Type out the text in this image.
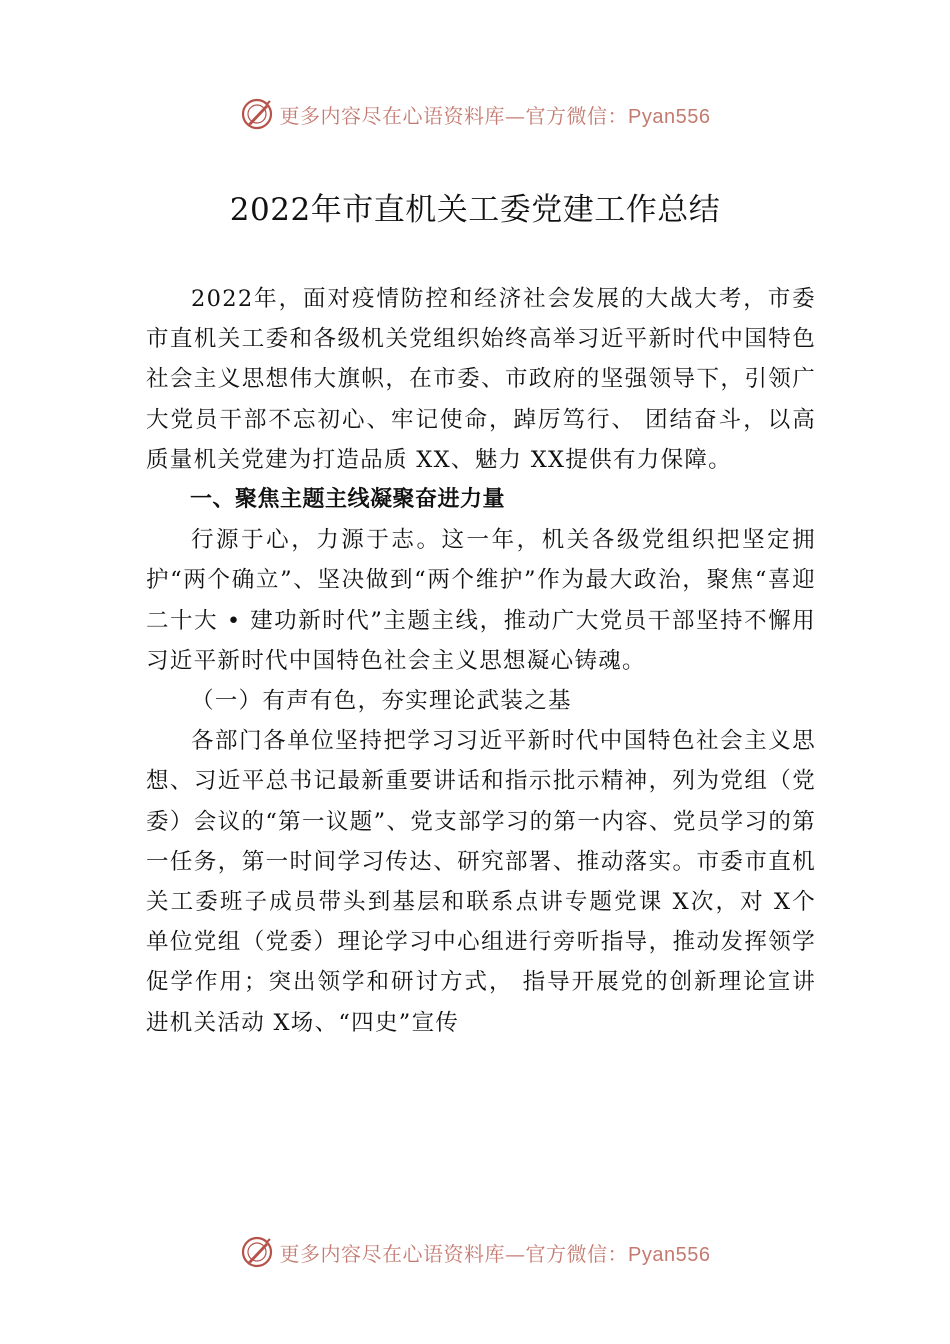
更多内容尽在心语资料库—官方微信：Pyan556
2022年市直机关工委党建工作总结

2022年，面对疫情防控和经济社会发展的大战大考，市委市直机关工委和各级机关党组织始终高举习近平新时代中国特色社会主义思想伟大旗帜，在市委、市政府的坚强领导下，引领广大党员干部不忘初心、牢记使命，踔厉笃行、 团结奋斗，以高质量机关党建为打造品质 XX、魅力 XX提供有力保障。

一、聚焦主题主线凝聚奋进力量

行源于心，力源于志。这一年，机关各级党组织把坚定拥护“两个确立”、坚决做到“两个维护”作为最大政治，聚焦“喜迎二十大 • 建功新时代”主题主线，推动广大党员干部坚持不懈用习近平新时代中国特色社会主义思想凝心铸魂。

（一）有声有色，夯实理论武装之基

各部门各单位坚持把学习习近平新时代中国特色社会主义思想、习近平总书记最新重要讲话和指示批示精神，列为党组（党委）会议的“第一议题”、党支部学习的第一内容、党员学习的第一任务，第一时间学习传达、研究部署、推动落实。市委市直机关工委班子成员带头到基层和联系点讲专题党课 X次，对 X个单位党组（党委）理论学习中心组进行旁听指导，推动发挥领学促学作用；突出领学和研讨方式， 指导开展党的创新理论宣讲进机关活动 X场、“四史”宣传

更多内容尽在心语资料库—官方微信：Pyan556
